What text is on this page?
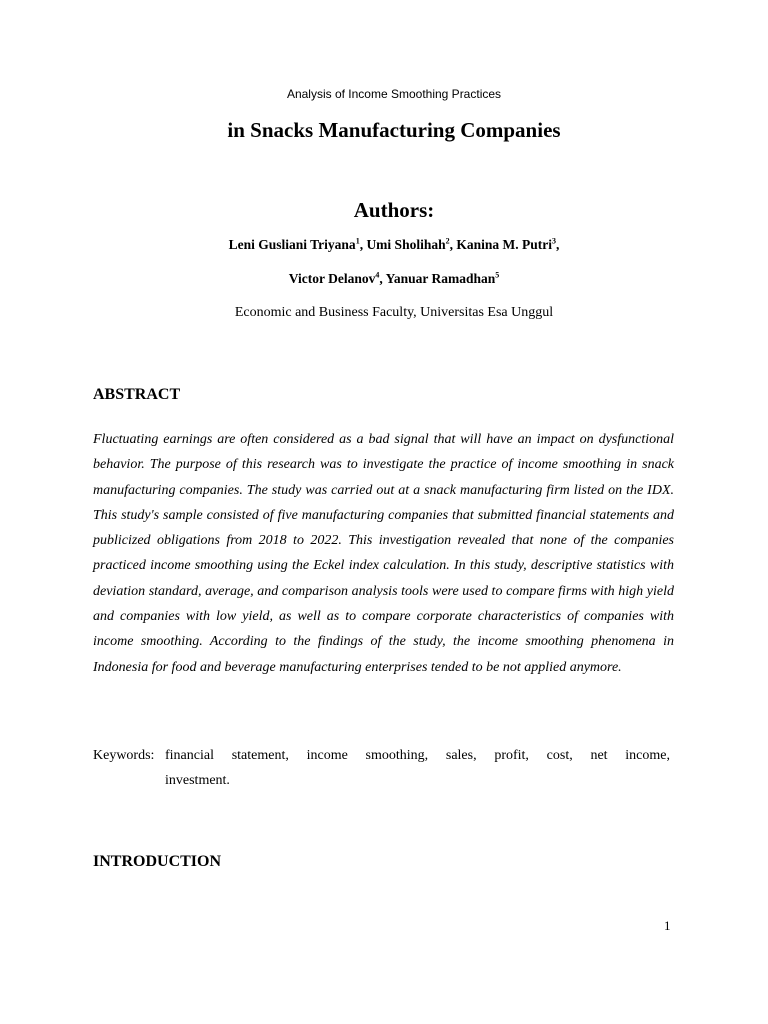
Analysis of Income Smoothing Practices
in Snacks Manufacturing Companies
Authors:
Leni Gusliani Triyana$^1$, Umi Sholihah$^2$, Kanina M. Putri$^3$,
Victor Delanov$^4$, Yanuar Ramadhan$^5$
Economic and Business Faculty, Universitas Esa Unggul
ABSTRACT
Fluctuating earnings are often considered as a bad signal that will have an impact on dysfunctional behavior. The purpose of this research was to investigate the practice of income smoothing in snack manufacturing companies. The study was carried out at a snack manufacturing firm listed on the IDX. This study's sample consisted of five manufacturing companies that submitted financial statements and publicized obligations from 2018 to 2022. This investigation revealed that none of the companies practiced income smoothing using the Eckel index calculation. In this study, descriptive statistics with deviation standard, average, and comparison analysis tools were used to compare firms with high yield and companies with low yield, as well as to compare corporate characteristics of companies with income smoothing. According to the findings of the study, the income smoothing phenomena in Indonesia for food and beverage manufacturing enterprises tended to be not applied anymore.
Keywords: financial statement, income smoothing, sales, profit, cost, net income,
investment.
INTRODUCTION
1
